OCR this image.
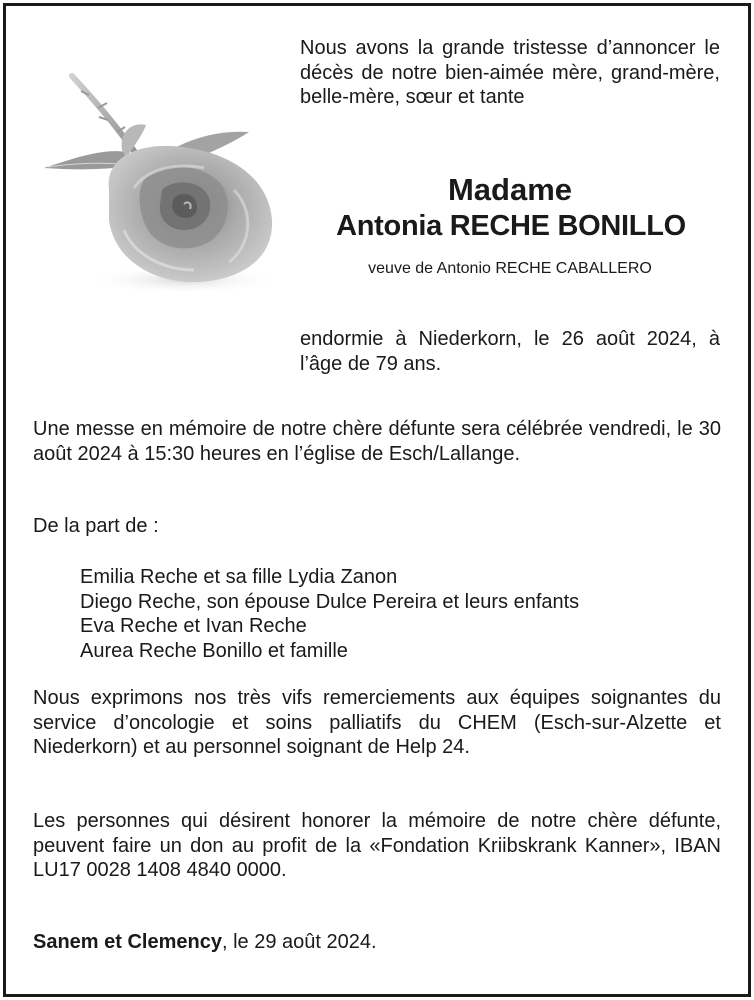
Nous avons la grande tristesse d’annoncer le décès de notre bien-aimée mère, grand-mère, belle-mère, sœur et tante
Madame
Antonia RECHE BONILLO
veuve de Antonio RECHE CABALLERO
endormie à Niederkorn, le 26 août 2024, à l’âge de 79 ans.

Une messe en mémoire de notre chère défunte sera célébrée vendredi, le 30 août 2024 à 15:30 heures en l’église de Esch/Lallange.

De la part de :

Emilia Reche et sa fille Lydia Zanon
Diego Reche, son épouse Dulce Pereira et leurs enfants
Eva Reche et Ivan Reche
Aurea Reche Bonillo et famille

Nous exprimons nos très vifs remerciements aux équipes soignantes du service d’oncologie et soins palliatifs du CHEM (Esch-sur-Alzette et Niederkorn) et au personnel soignant de Help 24.

Les personnes qui désirent honorer la mémoire de notre chère défunte, peuvent faire un don au profit de la «Fondation Kriibskrank Kanner», IBAN LU17 0028 1408 4840 0000.

Sanem et Clemency, le 29 août 2024.
